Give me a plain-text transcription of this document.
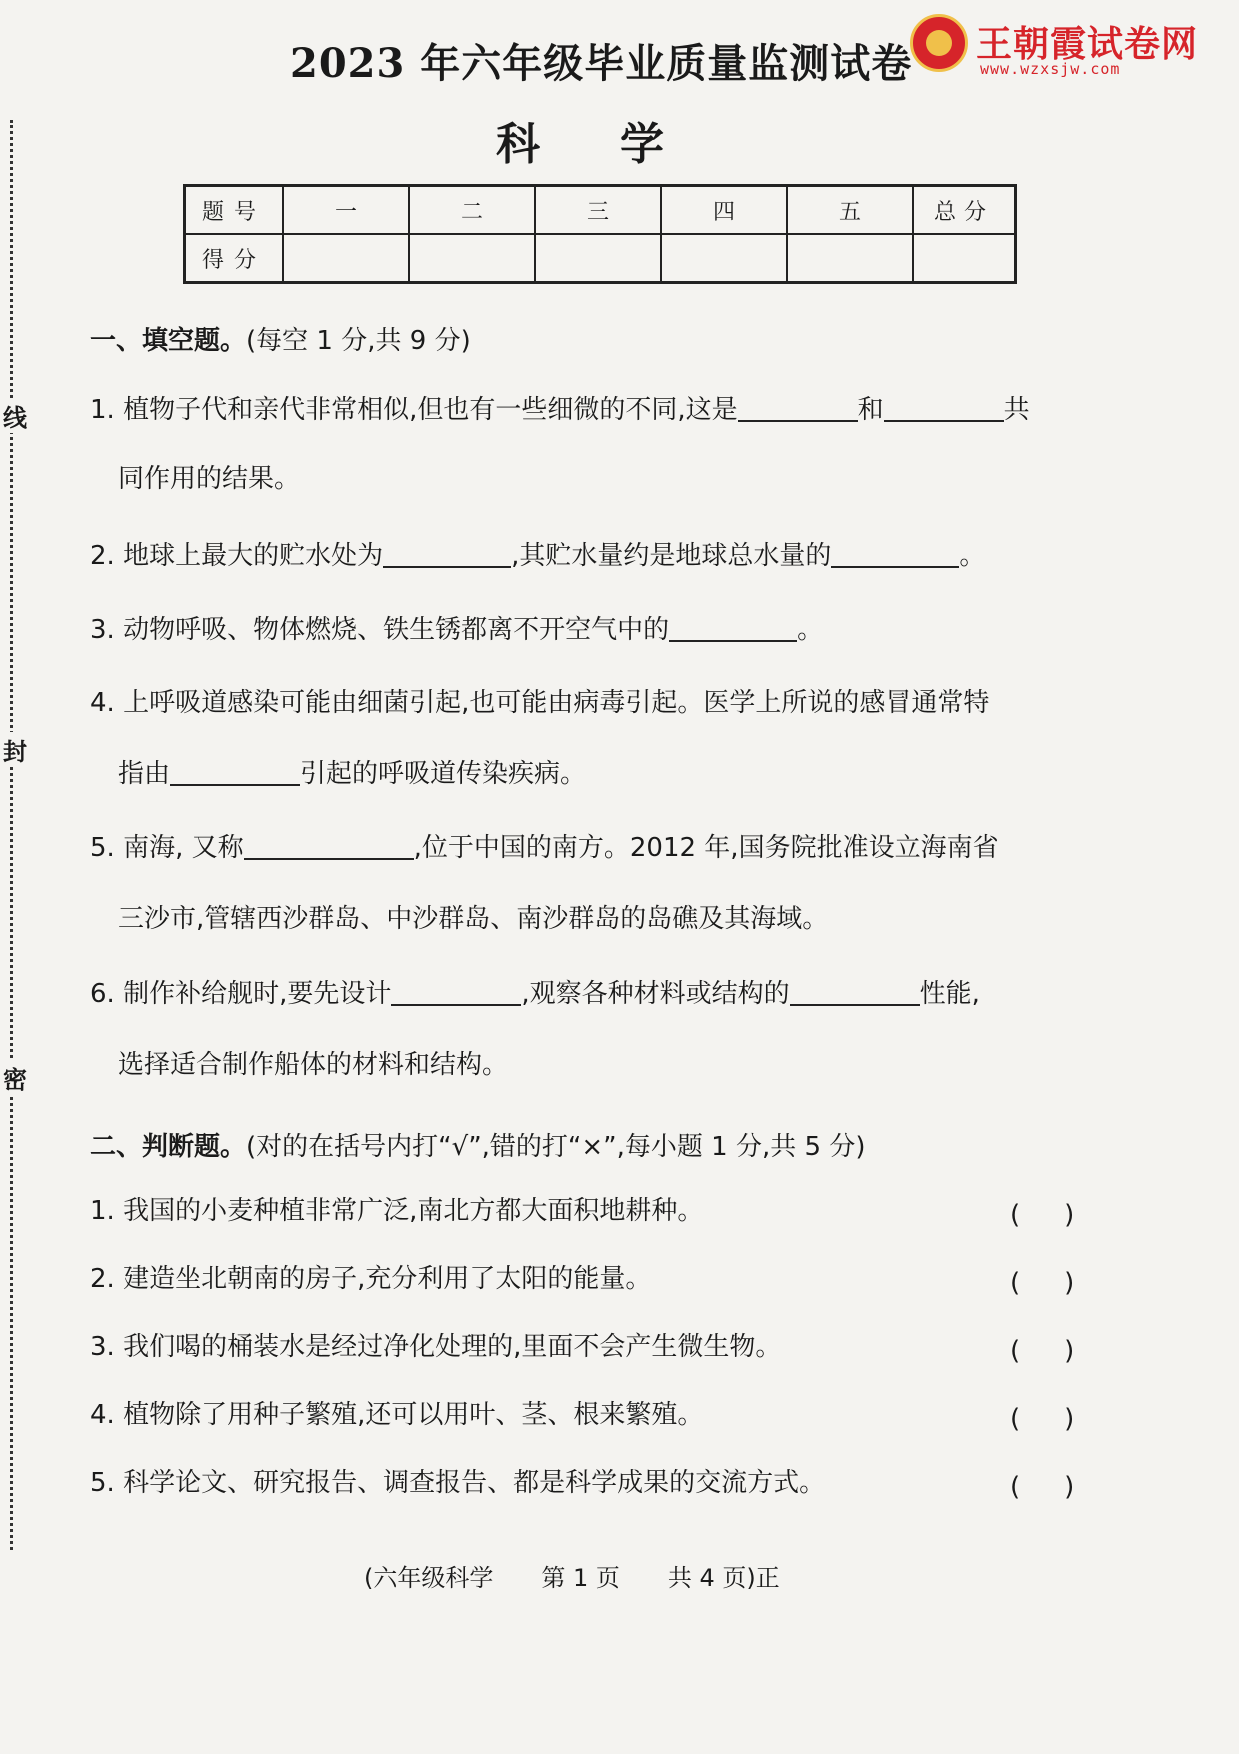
线
封
密
2023 年六年级毕业质量监测试卷 王朝霞试卷网
www.wzxsjw.com
科学
题号	一	二	三	四	五	总分
得分						
一、填空题。(每空 1 分,共 9 分)
1. 植物子代和亲代非常相似,但也有一些细微的不同,这是	和	共
同作用的结果。
2. 地球上最大的贮水处为	,其贮水量约是地球总水量的	。
3. 动物呼吸、物体燃烧、铁生锈都离不开空气中的	。
4. 上呼吸道感染可能由细菌引起,也可能由病毒引起。医学上所说的感冒通常特
指由	引起的呼吸道传染疾病。
5. 南海, 又称	,位于中国的南方。2012 年,国务院批准设立海南省
三沙市,管辖西沙群岛、中沙群岛、南沙群岛的岛礁及其海域。
6. 制作补给舰时,要先设计	,观察各种材料或结构的	性能,
选择适合制作船体的材料和结构。
二、判断题。(对的在括号内打“√”,错的打“×”,每小题 1 分,共 5 分)
1. 我国的小麦种植非常广泛,南北方都大面积地耕种。	()
2. 建造坐北朝南的房子,充分利用了太阳的能量。	()
3. 我们喝的桶装水是经过净化处理的,里面不会产生微生物。	()
4. 植物除了用种子繁殖,还可以用叶、茎、根来繁殖。	()
5. 科学论文、研究报告、调查报告、都是科学成果的交流方式。	()
(六年级科学 第 1 页 共 4 页)正
